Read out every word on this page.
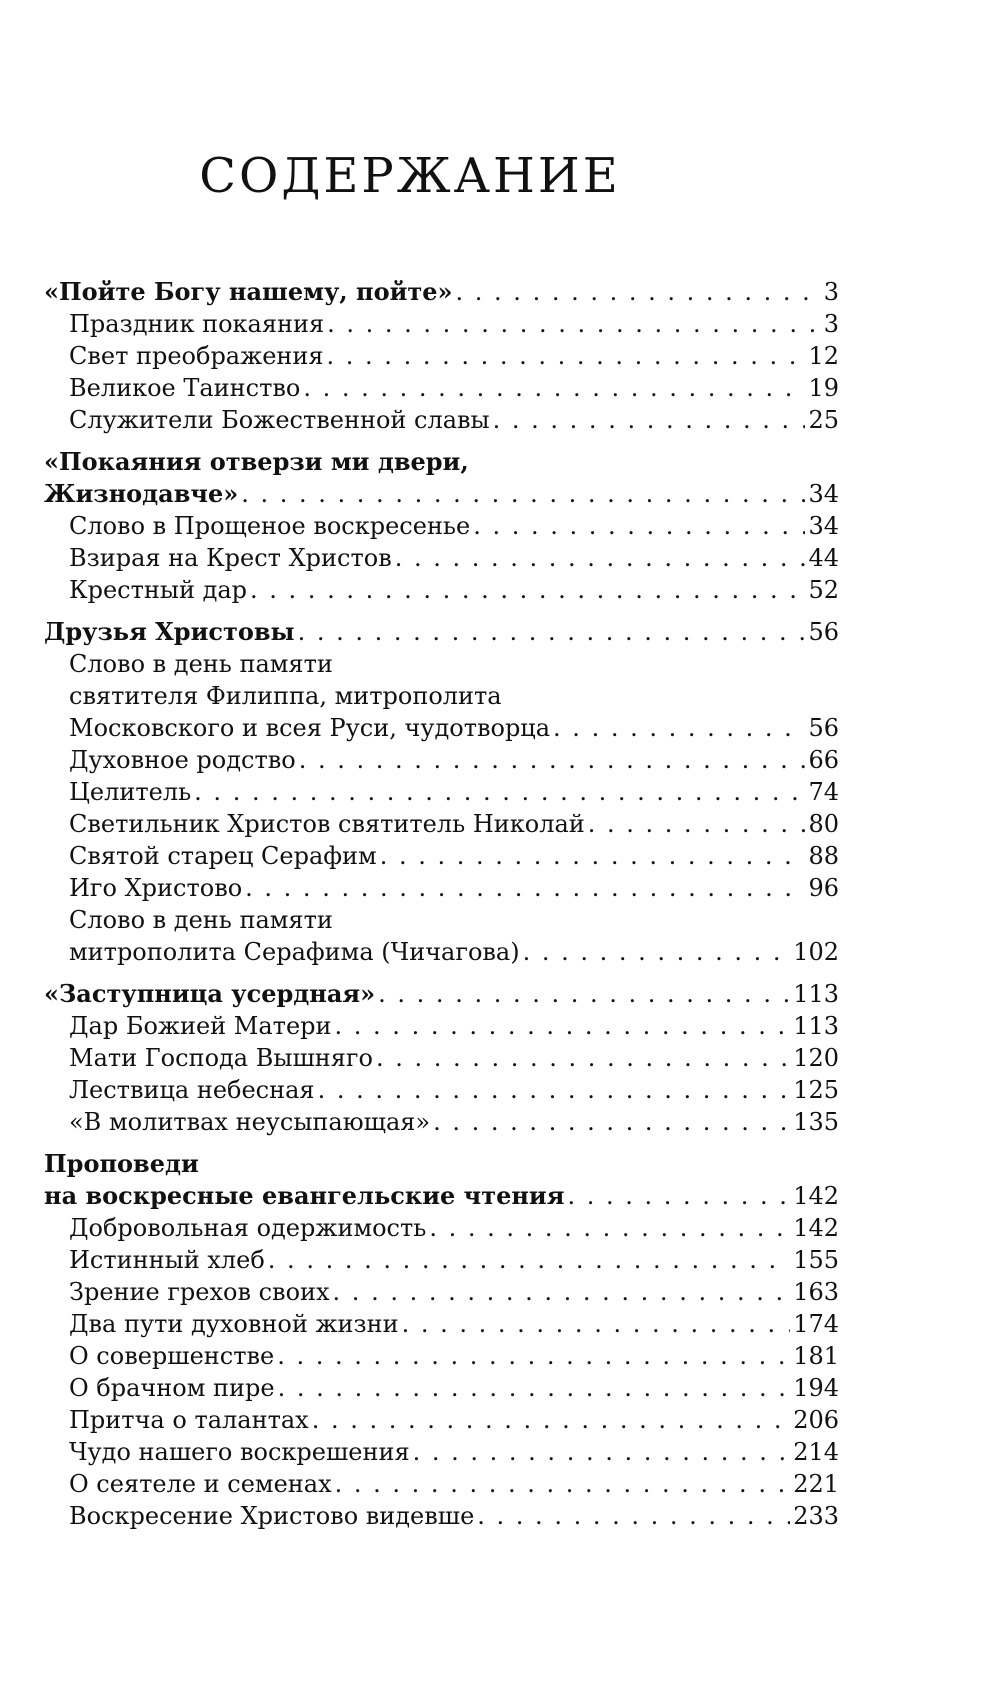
СОДЕРЖАНИЕ
«Пойте Богу нашему, пойте» . . .	3
Праздник покаяния . . .	3
Свет преображения . . .	12
Великое Таинство . . .	19
Служители Божественной славы . . .	25
«Покаяния отверзи ми двери,
Жизнодавче» . . .	34
Слово в Прощеное воскресенье . . .	34
Взирая на Крест Христов . . .	44
Крестный дар . . .	52
Друзья Христовы . . .	56
Слово в день памяти
святителя Филиппа, митрополита
Московского и всея Руси, чудотворца . . .	56
Духовное родство . . .	66
Целитель . . .	74
Светильник Христов святитель Николай . . .	80
Святой старец Серафим . . .	88
Иго Христово . . .	96
Слово в день памяти
митрополита Серафима (Чичагова) . . .	102
«Заступница усердная» . . .	113
Дар Божией Матери . . .	113
Мати Господа Вышняго . . .	120
Лествица небесная . . .	125
«В молитвах неусыпающая» . . .	135
Проповеди
на воскресные евангельские чтения . . .	142
Добровольная одержимость . . .	142
Истинный хлеб . . .	155
Зрение грехов своих . . .	163
Два пути духовной жизни . . .	174
О совершенстве . . .	181
О брачном пире . . .	194
Притча о талантах . . .	206
Чудо нашего воскрешения . . .	214
О сеятеле и семенах . . .	221
Воскресение Христово видевше . . .	233
